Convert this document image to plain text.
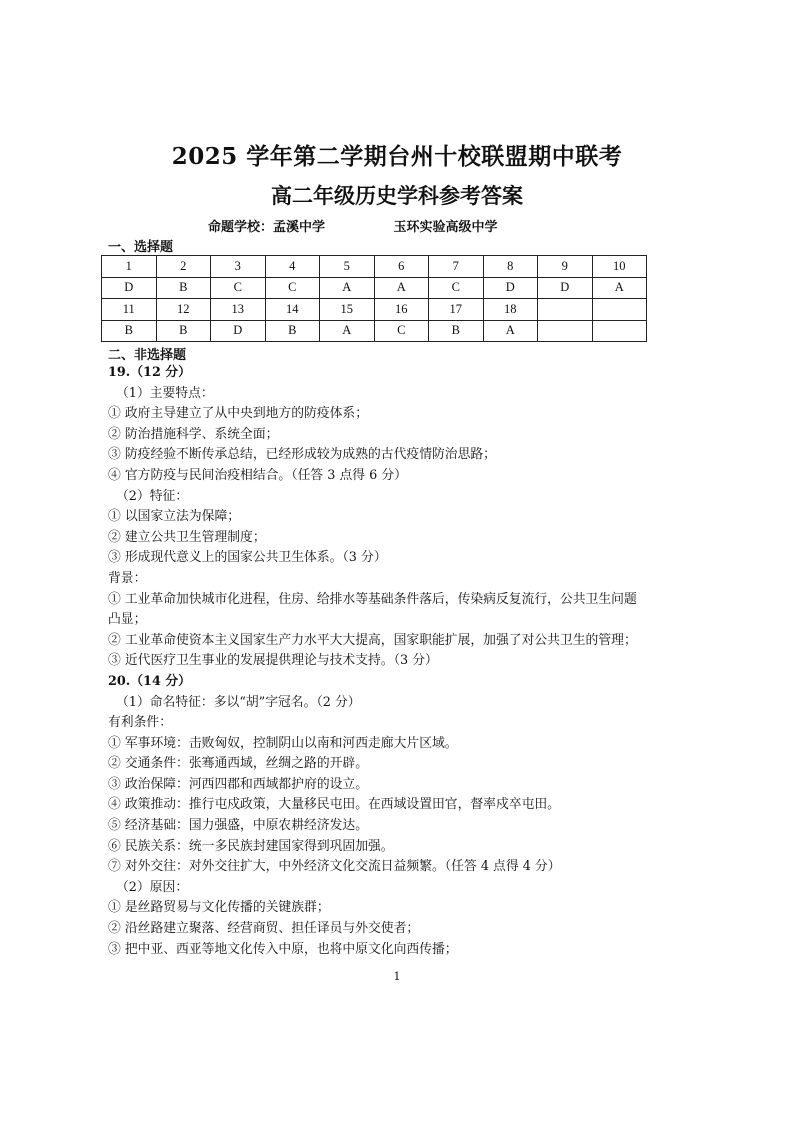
2025 学年第二学期台州十校联盟期中联考
高二年级历史学科参考答案
命题学校：孟溪中学	玉环实验高级中学
一、选择题
1	2	3	4	5	6	7	8	9	10
D	B	C	C	A	A	C	D	D	A
11	12	13	14	15	16	17	18		
B	B	D	B	A	C	B	A		
二、非选择题
19.（12 分）
（1）主要特点：
① 政府主导建立了从中央到地方的防疫体系；
② 防治措施科学、系统全面；
③ 防疫经验不断传承总结，已经形成较为成熟的古代疫情防治思路；
④ 官方防疫与民间治疫相结合。（任答 3 点得 6 分）
（2）特征：
① 以国家立法为保障；
② 建立公共卫生管理制度；
③ 形成现代意义上的国家公共卫生体系。（3 分）
背景：
① 工业革命加快城市化进程，住房、给排水等基础条件落后，传染病反复流行，公共卫生问题
凸显；
② 工业革命使资本主义国家生产力水平大大提高，国家职能扩展，加强了对公共卫生的管理；
③ 近代医疗卫生事业的发展提供理论与技术支持。（3 分）
20.（14 分）
（1）命名特征：多以“胡”字冠名。（2 分）
有利条件：
① 军事环境：击败匈奴，控制阴山以南和河西走廊大片区域。
② 交通条件：张骞通西域，丝绸之路的开辟。
③ 政治保障：河西四郡和西域都护府的设立。
④ 政策推动：推行屯戍政策，大量移民屯田。在西域设置田官，督率戍卒屯田。
⑤ 经济基础：国力强盛，中原农耕经济发达。
⑥ 民族关系：统一多民族封建国家得到巩固加强。
⑦ 对外交往：对外交往扩大，中外经济文化交流日益频繁。（任答 4 点得 4 分）
（2）原因：
① 是丝路贸易与文化传播的关键族群；
② 沿丝路建立聚落、经营商贸、担任译员与外交使者；
③ 把中亚、西亚等地文化传入中原，也将中原文化向西传播；
1
